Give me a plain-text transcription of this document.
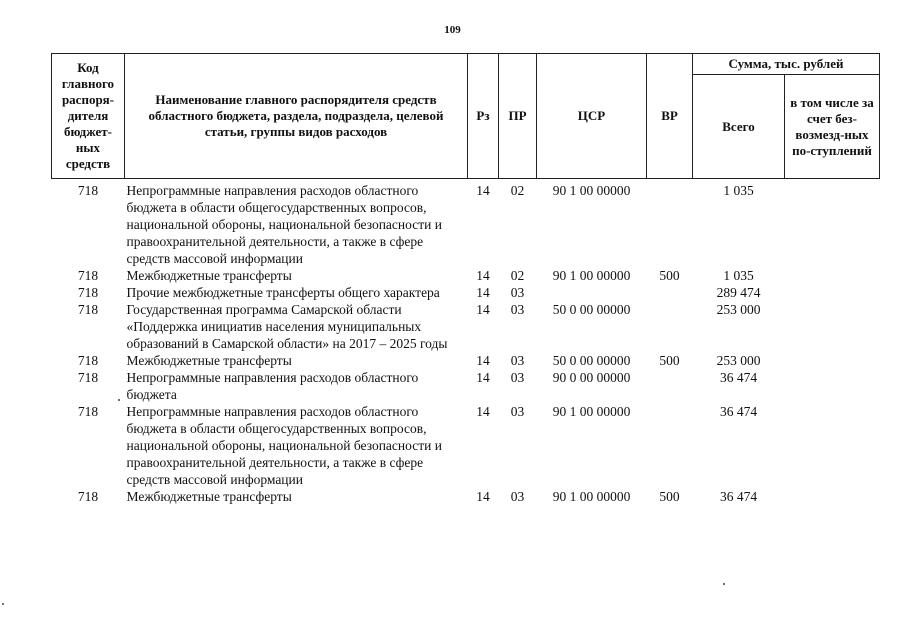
109
Код главного распоря-дителя бюджет-ных средств	Наименование главного распорядителя средств областного бюджета, раздела, подраздела, целевой статьи, группы видов расходов	Рз	ПР	ЦСР	ВР	Сумма, тыс. рублей	
						Всего	в том числе за счет без-возмезд-ных по-ступлений
718	Непрограммные направления расходов областного бюджета в области общегосударственных вопросов, национальной обороны, национальной безопасности и правоохранительной деятельности, а также в сфере средств массовой информации	14	02	90 1 00 00000		1 035	
718	Межбюджетные трансферты	14	02	90 1 00 00000	500	1 035	
718	Прочие межбюджетные трансферты общего характера	14	03			289 474	
718	Государственная программа Самарской области «Поддержка инициатив населения муниципальных образований в Самарской области» на 2017 – 2025 годы	14	03	50 0 00 00000		253 000	
718	Межбюджетные трансферты	14	03	50 0 00 00000	500	253 000	
718	Непрограммные направления расходов областного бюджета	14	03	90 0 00 00000		36 474	
718	Непрограммные направления расходов областного бюджета в области общегосударственных вопросов, национальной обороны, национальной безопасности и правоохранительной деятельности, а также в сфере средств массовой информации	14	03	90 1 00 00000		36 474	
718	Межбюджетные трансферты	14	03	90 1 00 00000	500	36 474	
